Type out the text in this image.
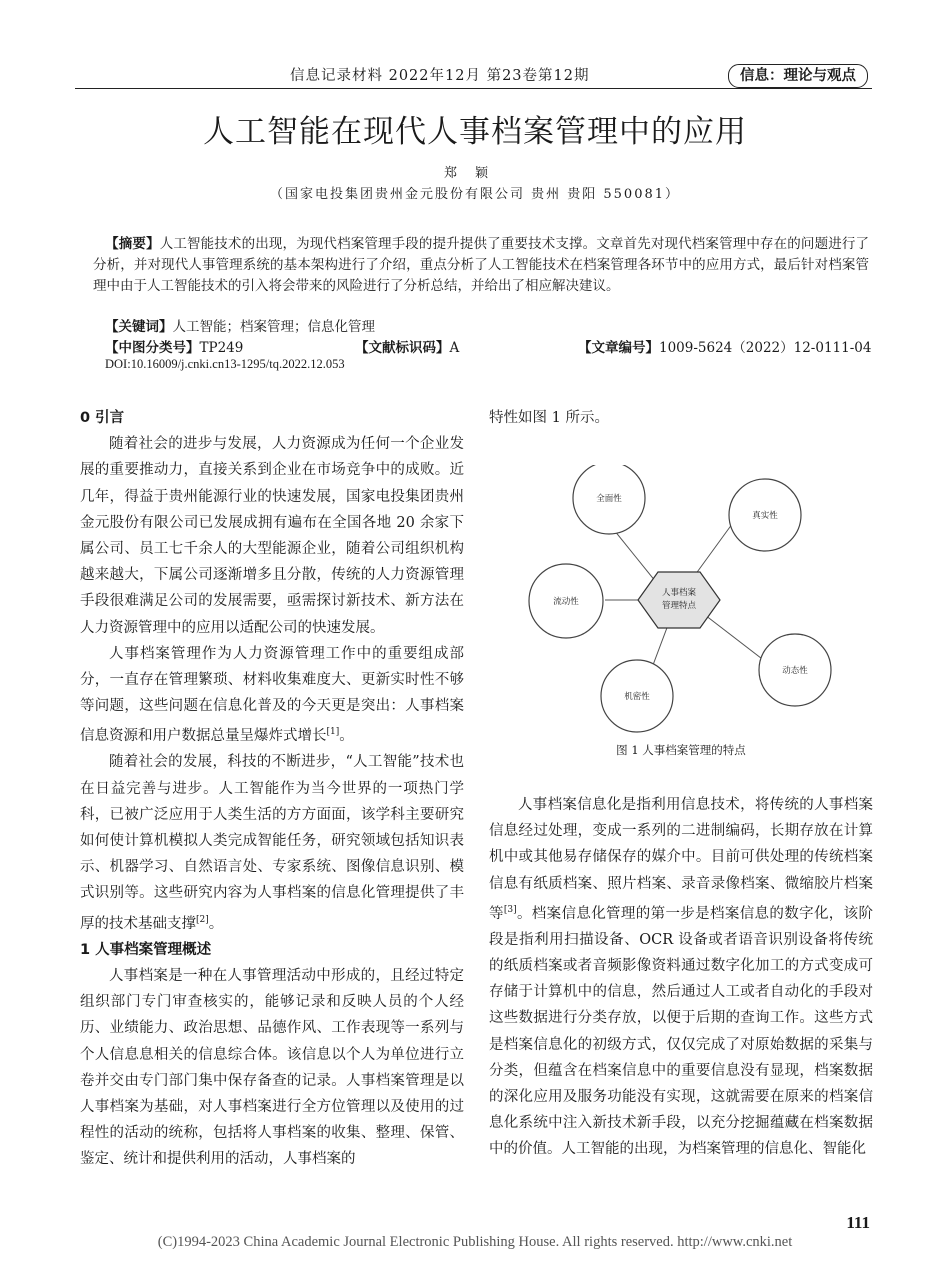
信息记录材料 2022年12月 第23卷第12期	信息：理论与观点
人工智能在现代人事档案管理中的应用
郑颖
（国家电投集团贵州金元股份有限公司 贵州 贵阳 550081）
【摘要】人工智能技术的出现，为现代档案管理手段的提升提供了重要技术支撑。文章首先对现代档案管理中存在的问题进行了分析，并对现代人事管理系统的基本架构进行了介绍，重点分析了人工智能技术在档案管理各环节中的应用方式，最后针对档案管理中由于人工智能技术的引入将会带来的风险进行了分析总结，并给出了相应解决建议。
【关键词】人工智能；档案管理；信息化管理
【中图分类号】TP249	【文献标识码】A	【文章编号】1009-5624（2022）12-0111-04
DOI:10.16009/j.cnki.cn13-1295/tq.2022.12.053
0 引言

随着社会的进步与发展，人力资源成为任何一个企业发展的重要推动力，直接关系到企业在市场竞争中的成败。近几年，得益于贵州能源行业的快速发展，国家电投集团贵州金元股份有限公司已发展成拥有遍布在全国各地 20 余家下属公司、员工七千余人的大型能源企业，随着公司组织机构越来越大，下属公司逐渐增多且分散，传统的人力资源管理手段很难满足公司的发展需要，亟需探讨新技术、新方法在人力资源管理中的应用以适配公司的快速发展。

人事档案管理作为人力资源管理工作中的重要组成部分，一直存在管理繁琐、材料收集难度大、更新实时性不够等问题，这些问题在信息化普及的今天更是突出：人事档案信息资源和用户数据总量呈爆炸式增长[1]。

随着社会的发展，科技的不断进步，“人工智能”技术也在日益完善与进步。人工智能作为当今世界的一项热门学科，已被广泛应用于人类生活的方方面面，该学科主要研究如何使计算机模拟人类完成智能任务，研究领域包括知识表示、机器学习、自然语言处、专家系统、图像信息识别、模式识别等。这些研究内容为人事档案的信息化管理提供了丰厚的技术基础支撑[2]。

1 人事档案管理概述

人事档案是一种在人事管理活动中形成的，且经过特定组织部门专门审查核实的，能够记录和反映人员的个人经历、业绩能力、政治思想、品德作风、工作表现等一系列与个人信息息相关的信息综合体。该信息以个人为单位进行立卷并交由专门部门集中保存备查的记录。人事档案管理是以人事档案为基础，对人事档案进行全方位管理以及使用的过程性的活动的统称，包括将人事档案的收集、整理、保管、鉴定、统计和提供利用的活动，人事档案的

特性如图 1 所示。

人事档案
管理特点
全面性
真实性
流动性
动态性
机密性
图 1 人事档案管理的特点

人事档案信息化是指利用信息技术，将传统的人事档案信息经过处理，变成一系列的二进制编码，长期存放在计算机中或其他易存储保存的媒介中。目前可供处理的传统档案信息有纸质档案、照片档案、录音录像档案、微缩胶片档案等[3]。档案信息化管理的第一步是档案信息的数字化，该阶段是指利用扫描设备、OCR 设备或者语音识别设备将传统的纸质档案或者音频影像资料通过数字化加工的方式变成可存储于计算机中的信息，然后通过人工或者自动化的手段对这些数据进行分类存放，以便于后期的查询工作。这些方式是档案信息化的初级方式，仅仅完成了对原始数据的采集与分类，但蕴含在档案信息中的重要信息没有显现，档案数据的深化应用及服务功能没有实现，这就需要在原来的档案信息化系统中注入新技术新手段，以充分挖掘蕴藏在档案数据中的价值。人工智能的出现，为档案管理的信息化、智能化

111
(C)1994-2023 China Academic Journal Electronic Publishing House. All rights reserved. http://www.cnki.net
